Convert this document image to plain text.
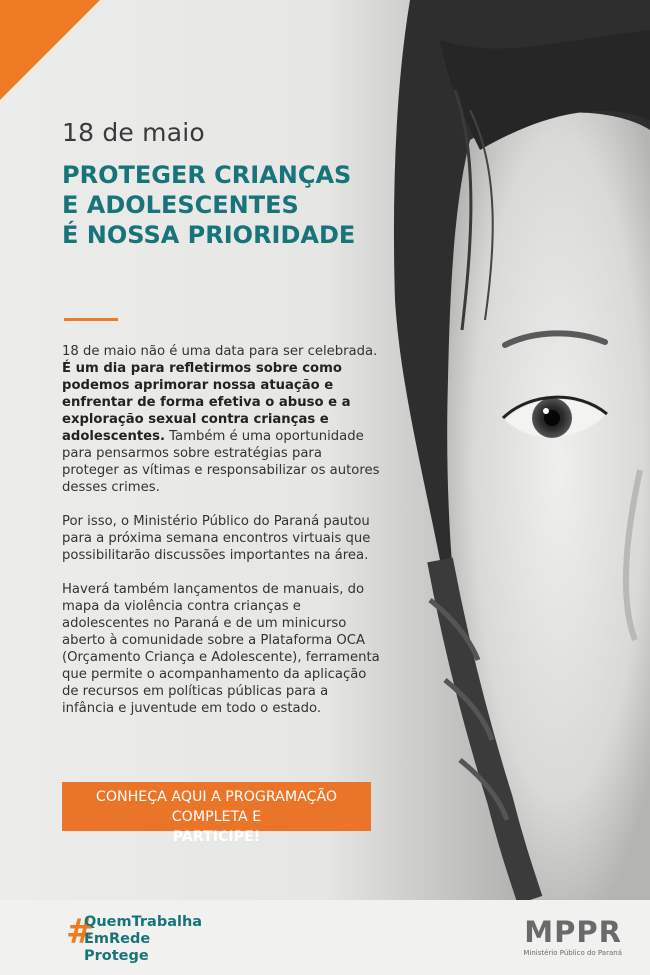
18 de maio
PROTEGER CRIANÇAS
E ADOLESCENTES
É NOSSA PRIORIDADE

18 de maio não é uma data para ser celebrada. É um dia para refletirmos sobre como podemos aprimorar nossa atuação e enfrentar de forma efetiva o abuso e a exploração sexual contra crianças e adolescentes. Também é uma oportunidade para pensarmos sobre estratégias para proteger as vítimas e responsabilizar os autores desses crimes.

Por isso, o Ministério Público do Paraná pautou para a próxima semana encontros virtuais que possibilitarão discussões importantes na área.

Haverá também lançamentos de manuais, do mapa da violência contra crianças e adolescentes no Paraná e de um minicurso aberto à comunidade sobre a Plataforma OCA (Orçamento Criança e Adolescente), ferramenta que permite o acompanhamento da aplicação de recursos em políticas públicas para a infância e juventude em todo o estado.

CONHEÇA AQUI A PROGRAMAÇÃO
COMPLETA E
PARTICIPE!
#
QuemTrabalha
EmRede
Protege
MPPR
Ministério Público do Paraná
